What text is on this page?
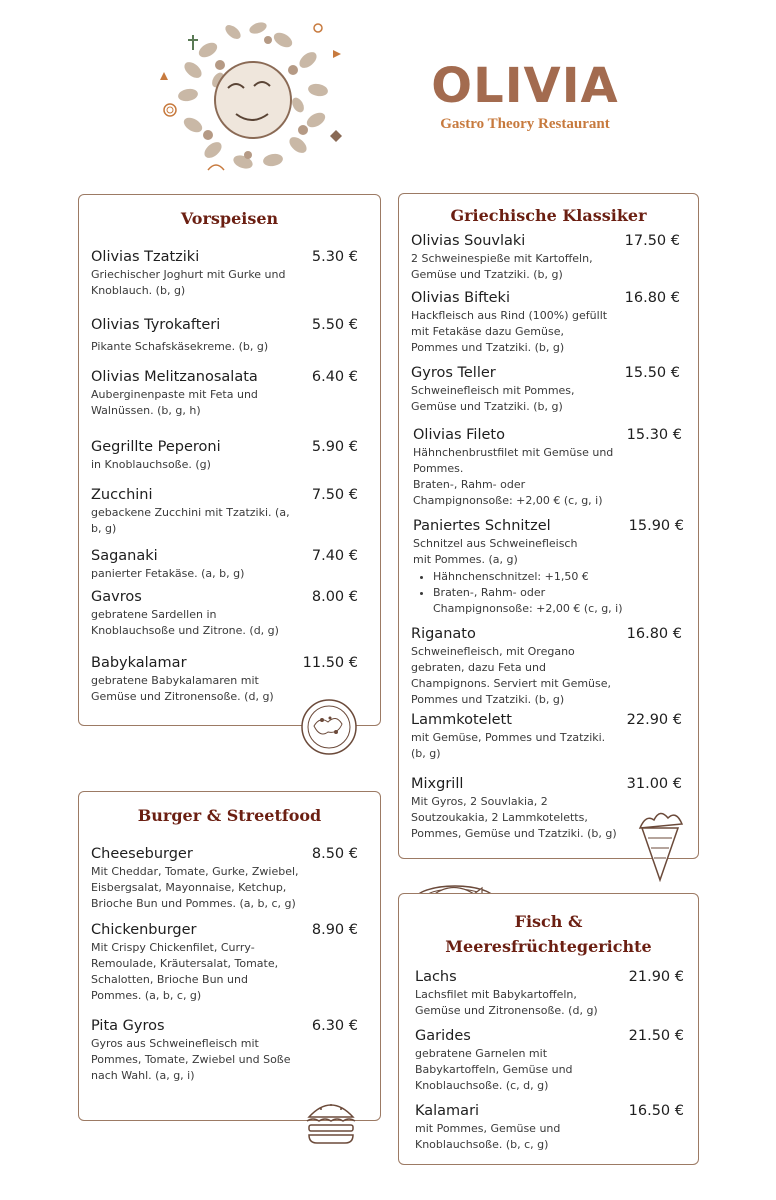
OLIVIA
Gastro Theory Restaurant
Vorspeisen
Olivias Tzatziki
Griechischer Joghurt mit Gurke und Knoblauch. (b, g)
5.30 €
Olivias Tyrokafteri
Pikante Schafskäsekreme. (b, g)
5.50 €
Olivias Melitzanosalata
Auberginenpaste mit Feta und Walnüssen. (b, g, h)
6.40 €
Gegrillte Peperoni
in Knoblauchsoße. (g)
5.90 €
Zucchini
gebackene Zucchini mit Tzatziki. (a, b, g)
7.50 €
Saganaki
panierter Fetakäse. (a, b, g)
7.40 €
Gavros
gebratene Sardellen in Knoblauchsoße und Zitrone. (d, g)
8.00 €
Babykalamar
gebratene Babykalamaren mit Gemüse und Zitronensoße. (d, g)
11.50 €
Burger & Streetfood
Cheeseburger
Mit Cheddar, Tomate, Gurke, Zwiebel, Eisbergsalat, Mayonnaise, Ketchup, Brioche Bun und Pommes. (a, b, c, g)
8.50 €
Chickenburger
Mit Crispy Chickenfilet, Curry-Remoulade, Kräutersalat, Tomate, Schalotten, Brioche Bun und Pommes. (a, b, c, g)
8.90 €
Pita Gyros
Gyros aus Schweinefleisch mit Pommes, Tomate, Zwiebel und Soße nach Wahl. (a, g, i)
6.30 €
Griechische Klassiker
Olivias Souvlaki
2 Schweinespieße mit Kartoffeln, Gemüse und Tzatziki. (b, g)
17.50 €
Olivias Bifteki
Hackfleisch aus Rind (100%) gefüllt mit Fetakäse dazu Gemüse, Pommes und Tzatziki. (b, g)
16.80 €
Gyros Teller
Schweinefleisch mit Pommes, Gemüse und Tzatziki. (b, g)
15.50 €
Olivias Fileto
Hähnchenbrustfilet mit Gemüse und Pommes.
Braten-, Rahm- oder Champignonsoße: +2,00 € (c, g, i)
15.30 €
Paniertes Schnitzel
Schnitzel aus Schweinefleisch mit Pommes. (a, g)
• Hähnchenschnitzel: +1,50 €
• Braten-, Rahm- oder Champignonsoße: +2,00 € (c, g, i)
15.90 €
Riganato
Schweinefleisch, mit Oregano gebraten, dazu Feta und Champignons. Serviert mit Gemüse, Pommes und Tzatziki. (b, g)
16.80 €
Lammkotelett
mit Gemüse, Pommes und Tzatziki. (b, g)
22.90 €
Mixgrill
Mit Gyros, 2 Souvlakia, 2 Soutzoukakia, 2 Lammkoteletts, Pommes, Gemüse und Tzatziki. (b, g)
31.00 €
Fisch &
Meeresfrüchtegerichte
Lachs
Lachsfilet mit Babykartoffeln, Gemüse und Zitronensoße. (d, g)
21.90 €
Garides
gebratene Garnelen mit Babykartoffeln, Gemüse und Knoblauchsoße. (c, d, g)
21.50 €
Kalamari
mit Pommes, Gemüse und Knoblauchsoße. (b, c, g)
16.50 €
